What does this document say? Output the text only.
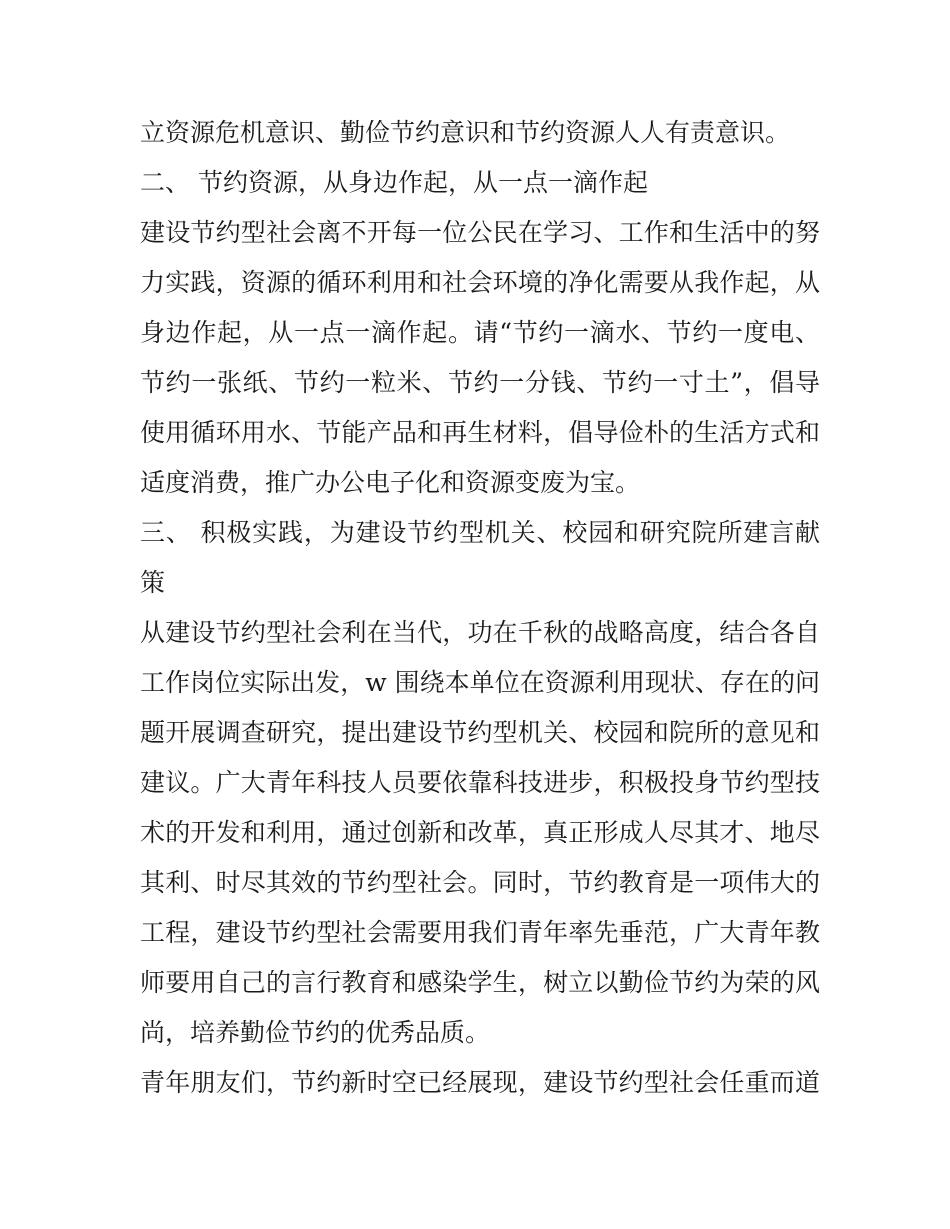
立资源危机意识、勤俭节约意识和节约资源人人有责意识。
二、 节约资源，从身边作起，从一点一滴作起
建设节约型社会离不开每一位公民在学习、工作和生活中的努
力实践，资源的循环利用和社会环境的净化需要从我作起，从
身边作起，从一点一滴作起。请“节约一滴水、节约一度电、
节约一张纸、节约一粒米、节约一分钱、节约一寸土”，倡导
使用循环用水、节能产品和再生材料，倡导俭朴的生活方式和
适度消费，推广办公电子化和资源变废为宝。
三、 积极实践，为建设节约型机关、校园和研究院所建言献
策
从建设节约型社会利在当代，功在千秋的战略高度，结合各自
工作岗位实际出发，w 围绕本单位在资源利用现状、存在的问
题开展调查研究，提出建设节约型机关、校园和院所的意见和
建议。广大青年科技人员要依靠科技进步，积极投身节约型技
术的开发和利用，通过创新和改革，真正形成人尽其才、地尽
其利、时尽其效的节约型社会。同时，节约教育是一项伟大的
工程，建设节约型社会需要用我们青年率先垂范，广大青年教
师要用自己的言行教育和感染学生，树立以勤俭节约为荣的风
尚，培养勤俭节约的优秀品质。
青年朋友们，节约新时空已经展现，建设节约型社会任重而道
